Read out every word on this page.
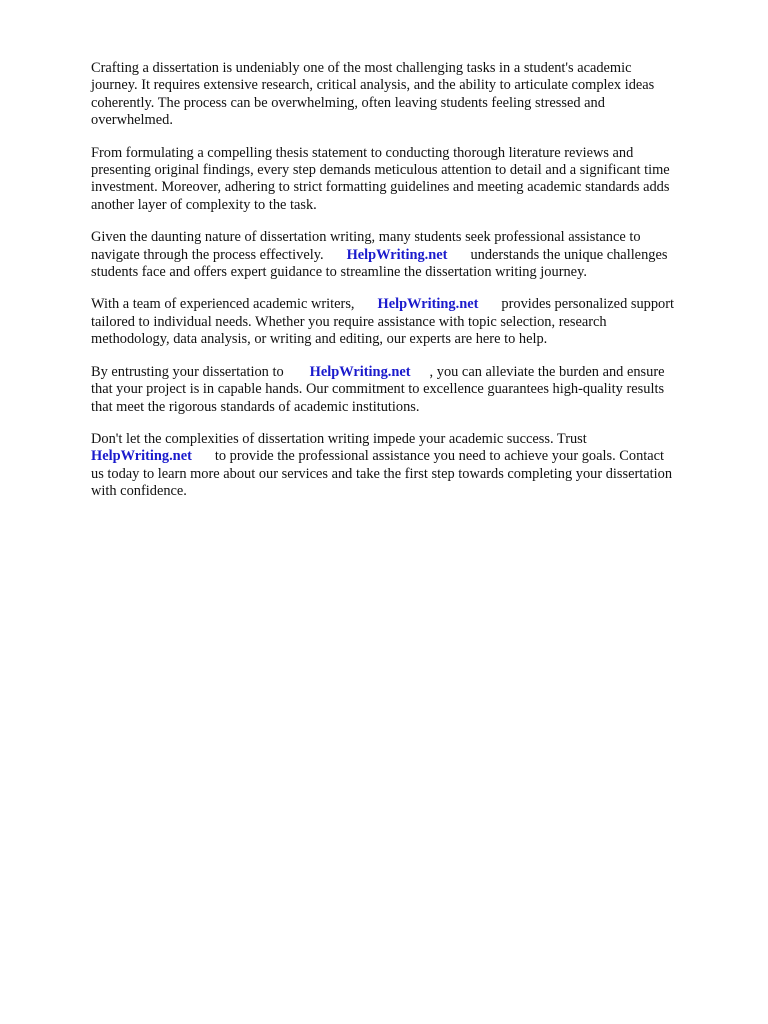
Crafting a dissertation is undeniably one of the most challenging tasks in a student's academic
journey. It requires extensive research, critical analysis, and the ability to articulate complex ideas
coherently. The process can be overwhelming, often leaving students feeling stressed and
overwhelmed.

From formulating a compelling thesis statement to conducting thorough literature reviews and
presenting original findings, every step demands meticulous attention to detail and a significant time
investment. Moreover, adhering to strict formatting guidelines and meeting academic standards adds
another layer of complexity to the task.

Given the daunting nature of dissertation writing, many students seek professional assistance to
navigate through the process effectively. HelpWriting.net understands the unique challenges
students face and offers expert guidance to streamline the dissertation writing journey.

With a team of experienced academic writers, HelpWriting.net provides personalized support
tailored to individual needs. Whether you require assistance with topic selection, research
methodology, data analysis, or writing and editing, our experts are here to help.

By entrusting your dissertation to HelpWriting.net , you can alleviate the burden and ensure
that your project is in capable hands. Our commitment to excellence guarantees high-quality results
that meet the rigorous standards of academic institutions.

Don't let the complexities of dissertation writing impede your academic success. Trust
HelpWriting.net to provide the professional assistance you need to achieve your goals. Contact
us today to learn more about our services and take the first step towards completing your dissertation
with confidence.
